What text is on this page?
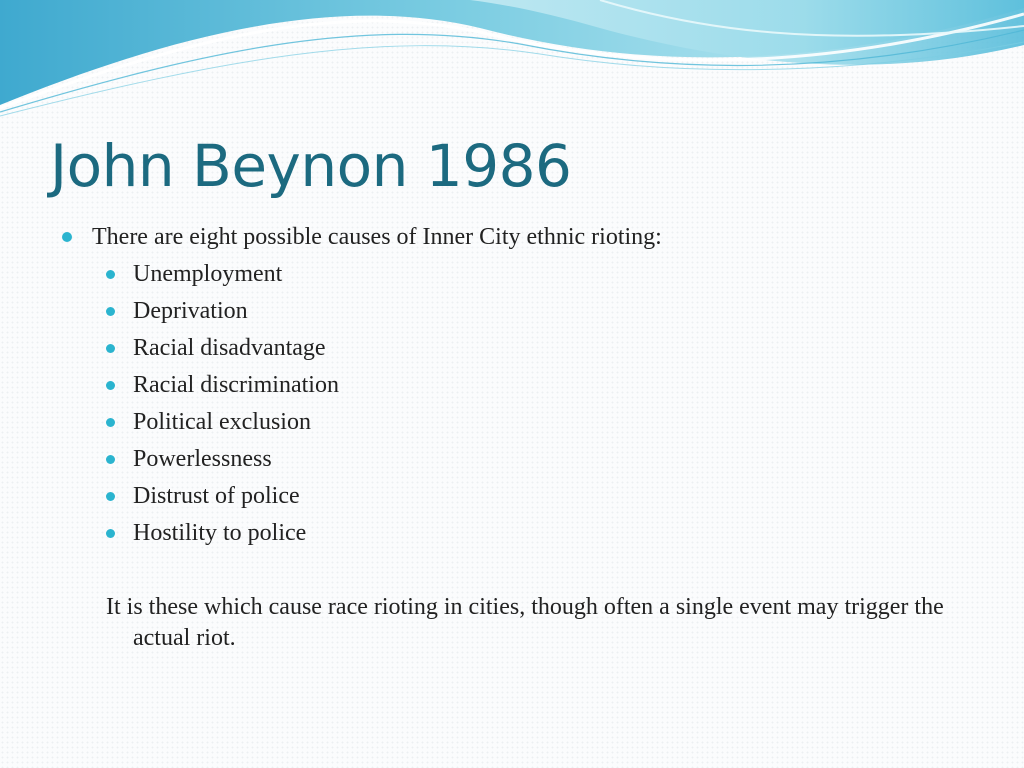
John Beynon 1986
There are eight possible causes of Inner City ethnic rioting:
Unemployment
Deprivation
Racial disadvantage
Racial discrimination
Political exclusion
Powerlessness
Distrust of police
Hostility to police

It is these which cause race rioting in cities, though often a single event may trigger the actual riot.
